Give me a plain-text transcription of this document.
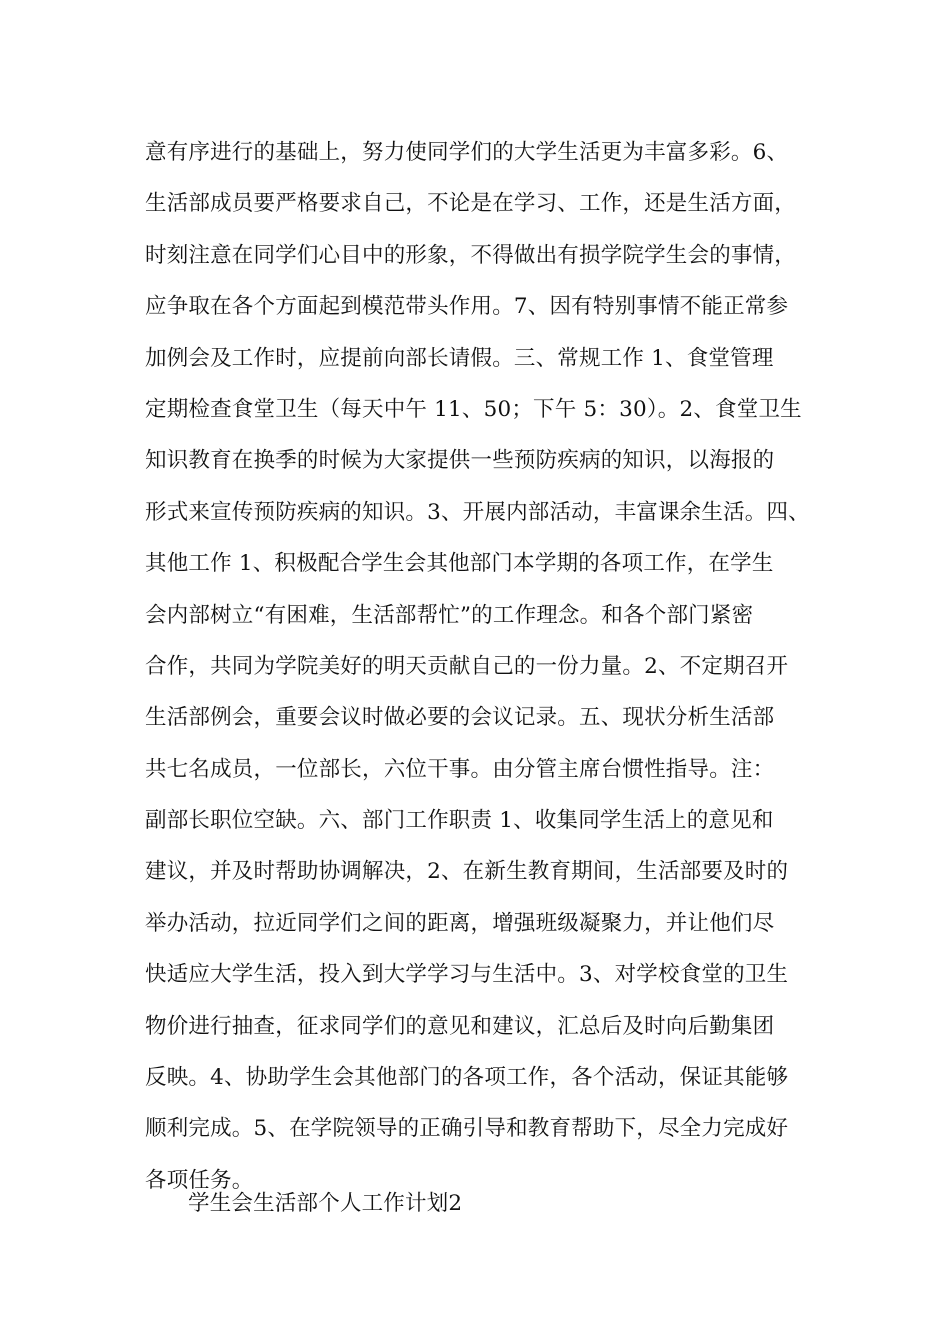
意有序进行的基础上，努力使同学们的大学生活更为丰富多彩。6、
生活部成员要严格要求自己，不论是在学习、工作，还是生活方面，
时刻注意在同学们心目中的形象，不得做出有损学院学生会的事情，
应争取在各个方面起到模范带头作用。7、因有特别事情不能正常参
加例会及工作时，应提前向部长请假。三、常规工作 1、食堂管理
定期检查食堂卫生（每天中午 11、50；下午 5：30）。2、食堂卫生
知识教育在换季的时候为大家提供一些预防疾病的知识，以海报的
形式来宣传预防疾病的知识。3、开展内部活动，丰富课余生活。四、
其他工作 1、积极配合学生会其他部门本学期的各项工作，在学生
会内部树立“有困难，生活部帮忙”的工作理念。和各个部门紧密
合作，共同为学院美好的明天贡献自己的一份力量。2、不定期召开
生活部例会，重要会议时做必要的会议记录。五、现状分析生活部
共七名成员，一位部长，六位干事。由分管主席台惯性指导。注：
副部长职位空缺。六、部门工作职责 1、收集同学生活上的意见和
建议，并及时帮助协调解决，2、在新生教育期间，生活部要及时的
举办活动，拉近同学们之间的距离，增强班级凝聚力，并让他们尽
快适应大学生活，投入到大学学习与生活中。3、对学校食堂的卫生
物价进行抽查，征求同学们的意见和建议，汇总后及时向后勤集团
反映。4、协助学生会其他部门的各项工作，各个活动，保证其能够
顺利完成。5、在学院领导的正确引导和教育帮助下，尽全力完成好
各项任务。
学生会生活部个人工作计划2
